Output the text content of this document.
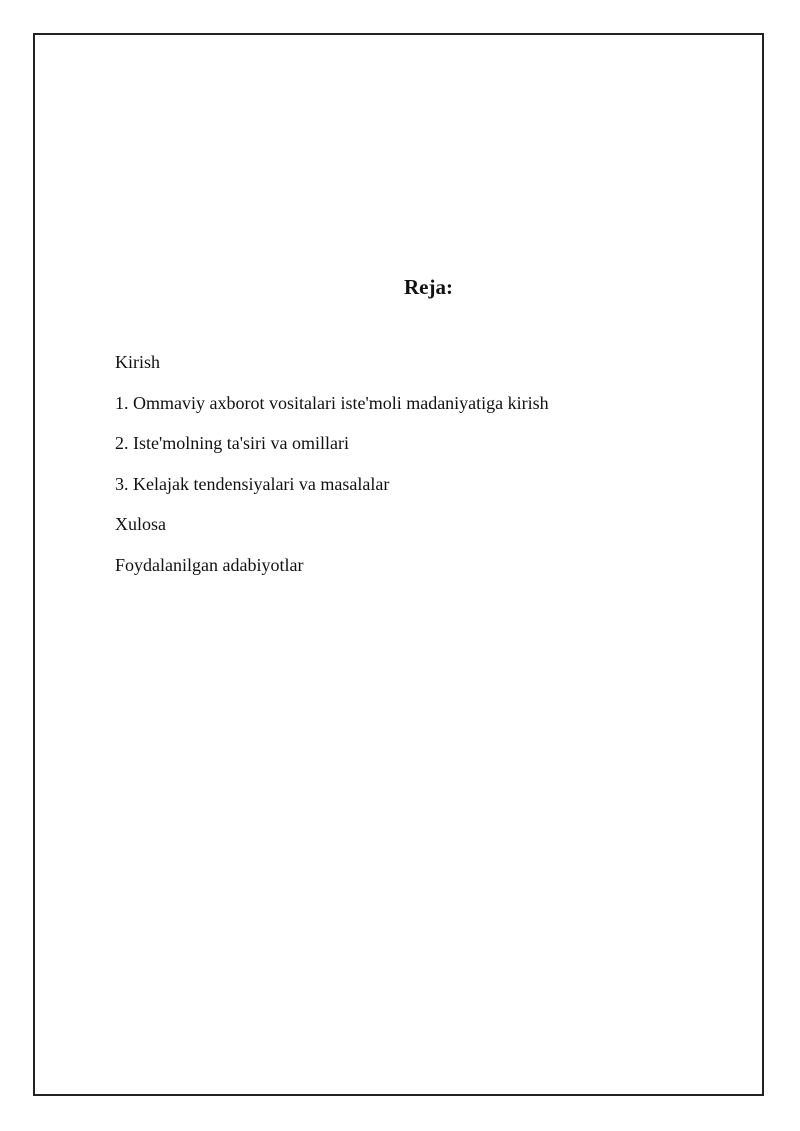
Reja:
Kirish
1. Ommaviy axborot vositalari iste'moli madaniyatiga kirish
2. Iste'molning ta'siri va omillari
3. Kelajak tendensiyalari va masalalar
Xulosa
Foydalanilgan adabiyotlar
